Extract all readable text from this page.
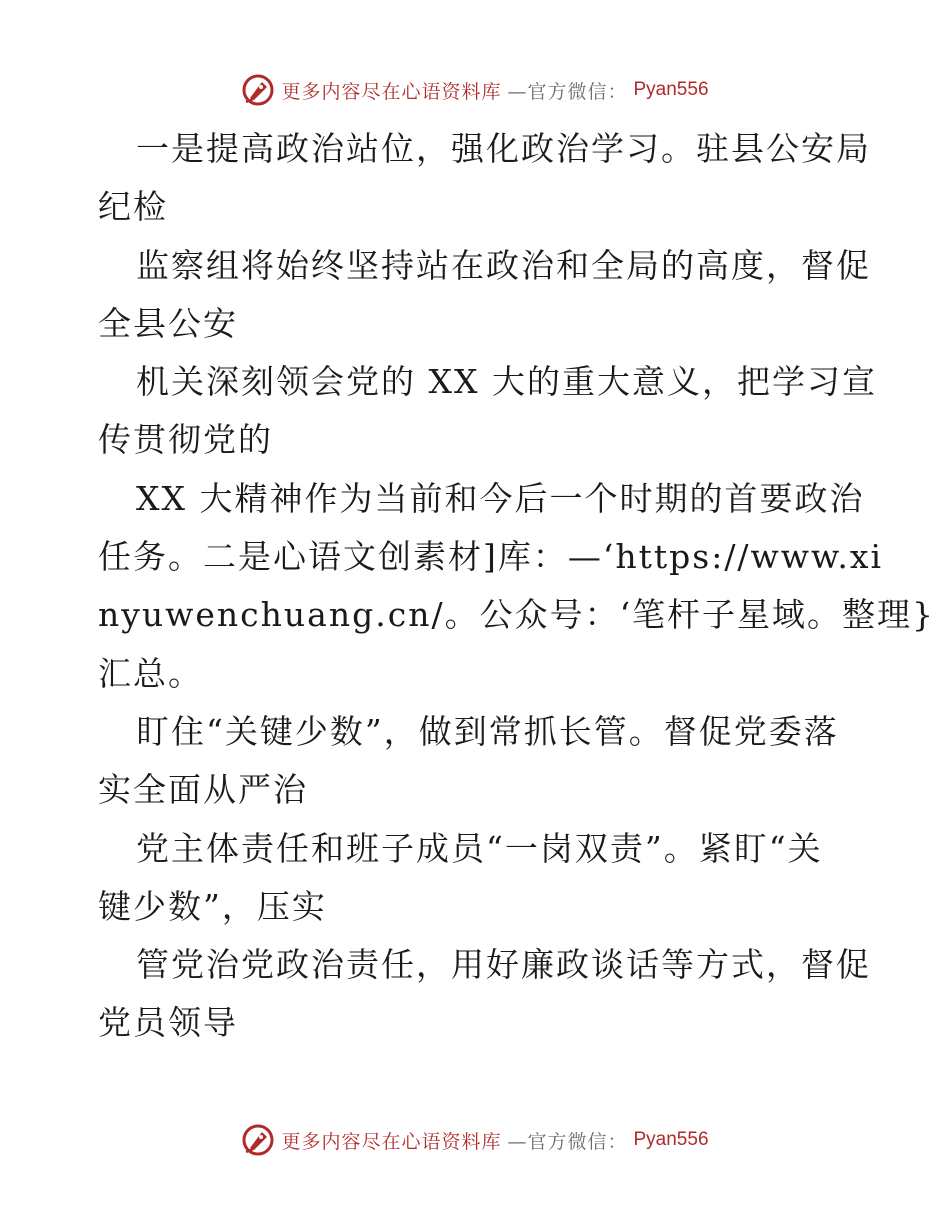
更多内容尽在心语资料库 —官方微信： Pyan556
一是提高政治站位，强化政治学习。驻县公安局
纪检
监察组将始终坚持站在政治和全局的高度，督促
全县公安
机关深刻领会党的 XX 大的重大意义，把学习宣
传贯彻党的
XX 大精神作为当前和今后一个时期的首要政治
任务。二是心语文创素材]库：—‘https://www.xi
nyuwenchuang.cn/。公众号：‘笔杆子星域。整理}
汇总。
盯住“关键少数”，做到常抓长管。督促党委落
实全面从严治
党主体责任和班子成员“一岗双责”。紧盯“关
键少数”，压实
管党治党政治责任，用好廉政谈话等方式，督促
党员领导
更多内容尽在心语资料库 —官方微信： Pyan556
